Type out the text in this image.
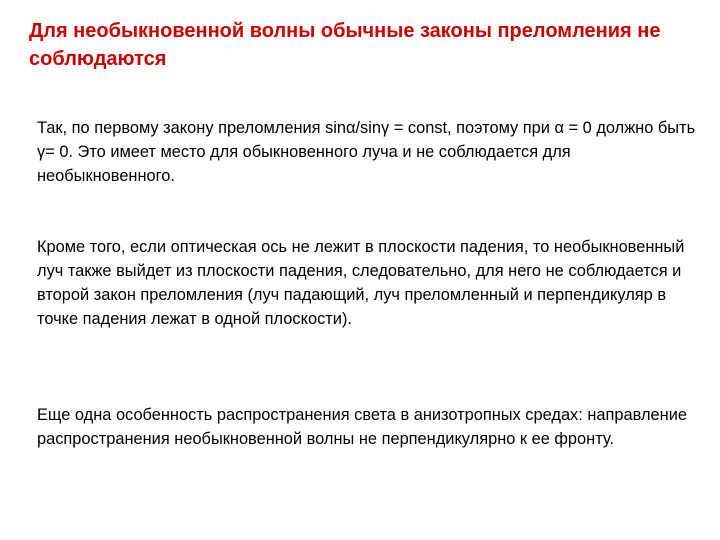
Для необыкновенной волны обычные законы преломления не соблюдаются

Так, по первому закону преломления sinα/sinγ = const, поэтому при α = 0 должно быть γ= 0. Это имеет место для обыкновенного луча и не соблюдается для необыкновенного.

Кроме того, если оптическая ось не лежит в плоскости падения, то необыкновенный луч также выйдет из плоскости падения, следовательно, для него не соблюдается и второй закон преломления (луч падающий, луч преломленный и перпендикуляр в точке падения лежат в одной плоскости).

Еще одна особенность распространения света в анизотропных средах: направление распространения необыкновенной волны не перпендикулярно к ее фронту.
